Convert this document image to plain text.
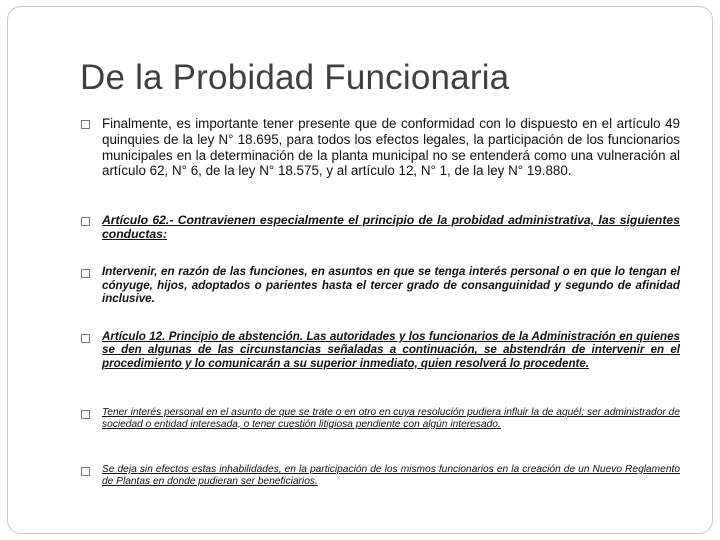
De la Probidad Funcionaria
Finalmente, es importante tener presente que de conformidad con lo dispuesto en el artículo 49 quinquies de la ley N° 18.695, para todos los efectos legales, la participación de los funcionarios municipales en la determinación de la planta municipal no se entenderá como una vulneración al artículo 62, N° 6, de la ley N° 18.575, y al artículo 12, N° 1, de la ley N° 19.880.
Artículo 62.- Contravienen especialmente el principio de la probidad administrativa, las siguientes conductas:
Intervenir, en razón de las funciones, en asuntos en que se tenga interés personal o en que lo tengan el cónyuge, hijos, adoptados o parientes hasta el tercer grado de consanguinidad y segundo de afinidad inclusive.
Artículo 12. Principio de abstención. Las autoridades y los funcionarios de la Administración en quienes se den algunas de las circunstancias señaladas a continuación, se abstendrán de intervenir en el procedimiento y lo comunicarán a su superior inmediato, quien resolverá lo procedente.
Tener interés personal en el asunto de que se trate o en otro en cuya resolución pudiera influir la de aquél; ser administrador de sociedad o entidad interesada, o tener cuestión litigiosa pendiente con algún interesado.
Se deja sin efectos estas inhabilidades, en la participación de los mismos funcionarios en la creación de un Nuevo Reglamento de Plantas en donde pudieran ser beneficiarios.
